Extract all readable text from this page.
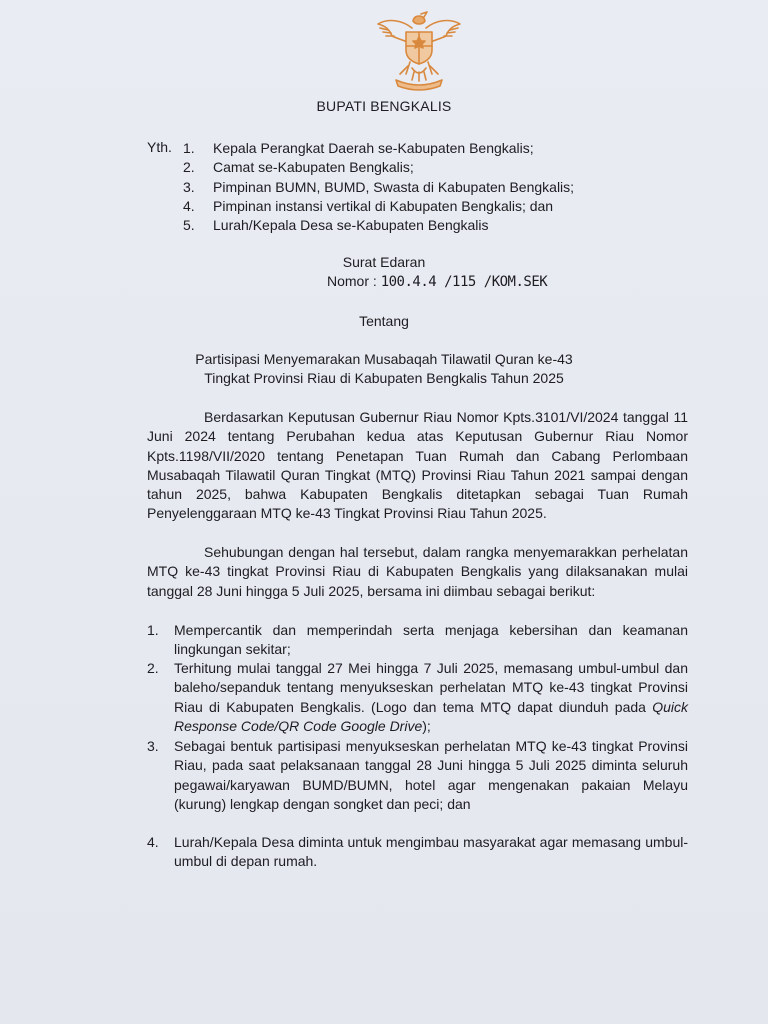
BUPATI BENGKALIS
Yth. 1. Kepala Perangkat Daerah se-Kabupaten Bengkalis;
2. Camat se-Kabupaten Bengkalis;
3. Pimpinan BUMN, BUMD, Swasta di Kabupaten Bengkalis;
4. Pimpinan instansi vertikal di Kabupaten Bengkalis; dan
5. Lurah/Kepala Desa se-Kabupaten Bengkalis
Surat Edaran
Nomor : 100.4.4 /115 /KOM.SEK
Tentang
Partisipasi Menyemarakan Musabaqah Tilawatil Quran ke-43
Tingkat Provinsi Riau di Kabupaten Bengkalis Tahun 2025
Berdasarkan Keputusan Gubernur Riau Nomor Kpts.3101/VI/2024 tanggal 11 Juni 2024 tentang Perubahan kedua atas Keputusan Gubernur Riau Nomor Kpts.1198/VII/2020 tentang Penetapan Tuan Rumah dan Cabang Perlombaan Musabaqah Tilawatil Quran Tingkat (MTQ) Provinsi Riau Tahun 2021 sampai dengan tahun 2025, bahwa Kabupaten Bengkalis ditetapkan sebagai Tuan Rumah Penyelenggaraan MTQ ke-43 Tingkat Provinsi Riau Tahun 2025.
Sehubungan dengan hal tersebut, dalam rangka menyemarakkan perhelatan MTQ ke-43 tingkat Provinsi Riau di Kabupaten Bengkalis yang dilaksanakan mulai tanggal 28 Juni hingga 5 Juli 2025, bersama ini diimbau sebagai berikut:
1. Mempercantik dan memperindah serta menjaga kebersihan dan keamanan lingkungan sekitar;
2. Terhitung mulai tanggal 27 Mei hingga 7 Juli 2025, memasang umbul-umbul dan baleho/sepanduk tentang menyukseskan perhelatan MTQ ke-43 tingkat Provinsi Riau di Kabupaten Bengkalis. (Logo dan tema MTQ dapat diunduh pada Quick Response Code/QR Code Google Drive);
3. Sebagai bentuk partisipasi menyukseskan perhelatan MTQ ke-43 tingkat Provinsi Riau, pada saat pelaksanaan tanggal 28 Juni hingga 5 Juli 2025 diminta seluruh pegawai/karyawan BUMD/BUMN, hotel agar mengenakan pakaian Melayu (kurung) lengkap dengan songket dan peci; dan
4. Lurah/Kepala Desa diminta untuk mengimbau masyarakat agar memasang umbul-umbul di depan rumah.
